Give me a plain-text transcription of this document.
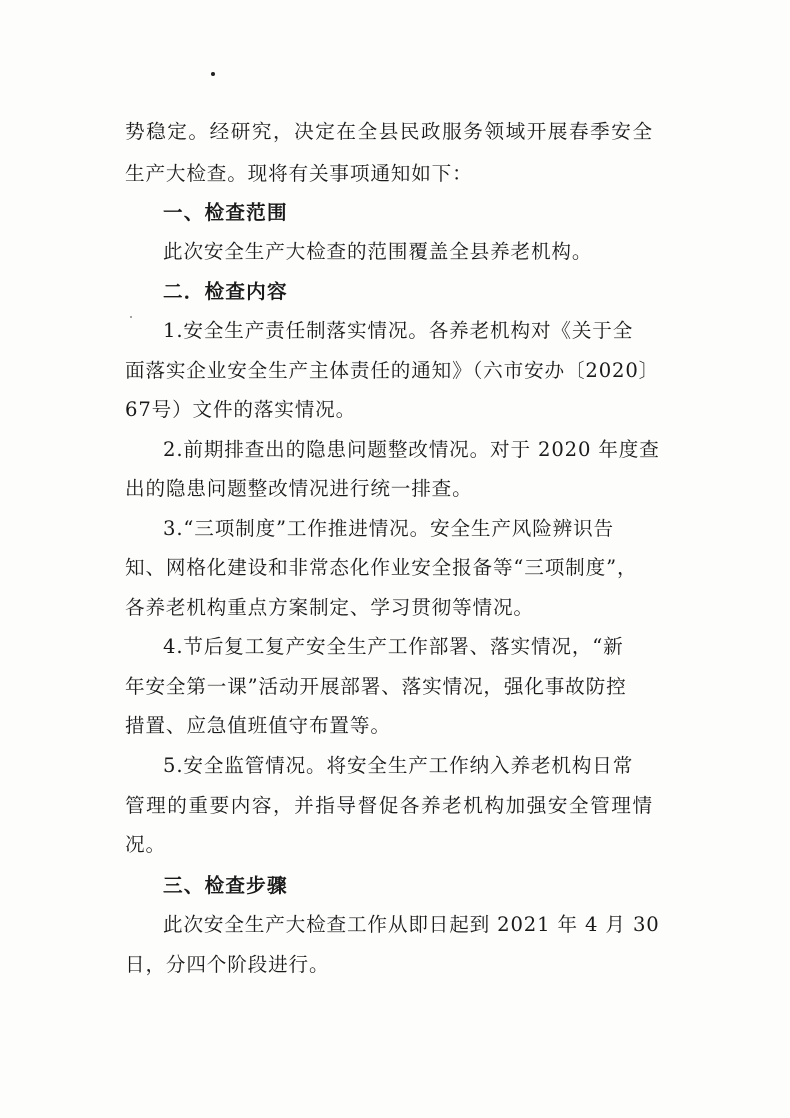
势稳定。经研究，决定在全县民政服务领域开展春季安全
生产大检查。现将有关事项通知如下：
一、检查范围
此次安全生产大检查的范围覆盖全县养老机构。
二．检查内容
1.安全生产责任制落实情况。各养老机构对《关于全
面落实企业安全生产主体责任的通知》（六市安办〔2020〕
67号）文件的落实情况。
2.前期排查出的隐患问题整改情况。对于 2020 年度查
出的隐患问题整改情况进行统一排查。
3.“三项制度”工作推进情况。安全生产风险辨识告
知、网格化建设和非常态化作业安全报备等“三项制度”，
各养老机构重点方案制定、学习贯彻等情况。
4.节后复工复产安全生产工作部署、落实情况，“新
年安全第一课”活动开展部署、落实情况，强化事故防控
措置、应急值班值守布置等。
5.安全监管情况。将安全生产工作纳入养老机构日常
管理的重要内容，并指导督促各养老机构加强安全管理情
况。
三、检查步骤
此次安全生产大检查工作从即日起到 2021 年 4 月 30
日，分四个阶段进行。
